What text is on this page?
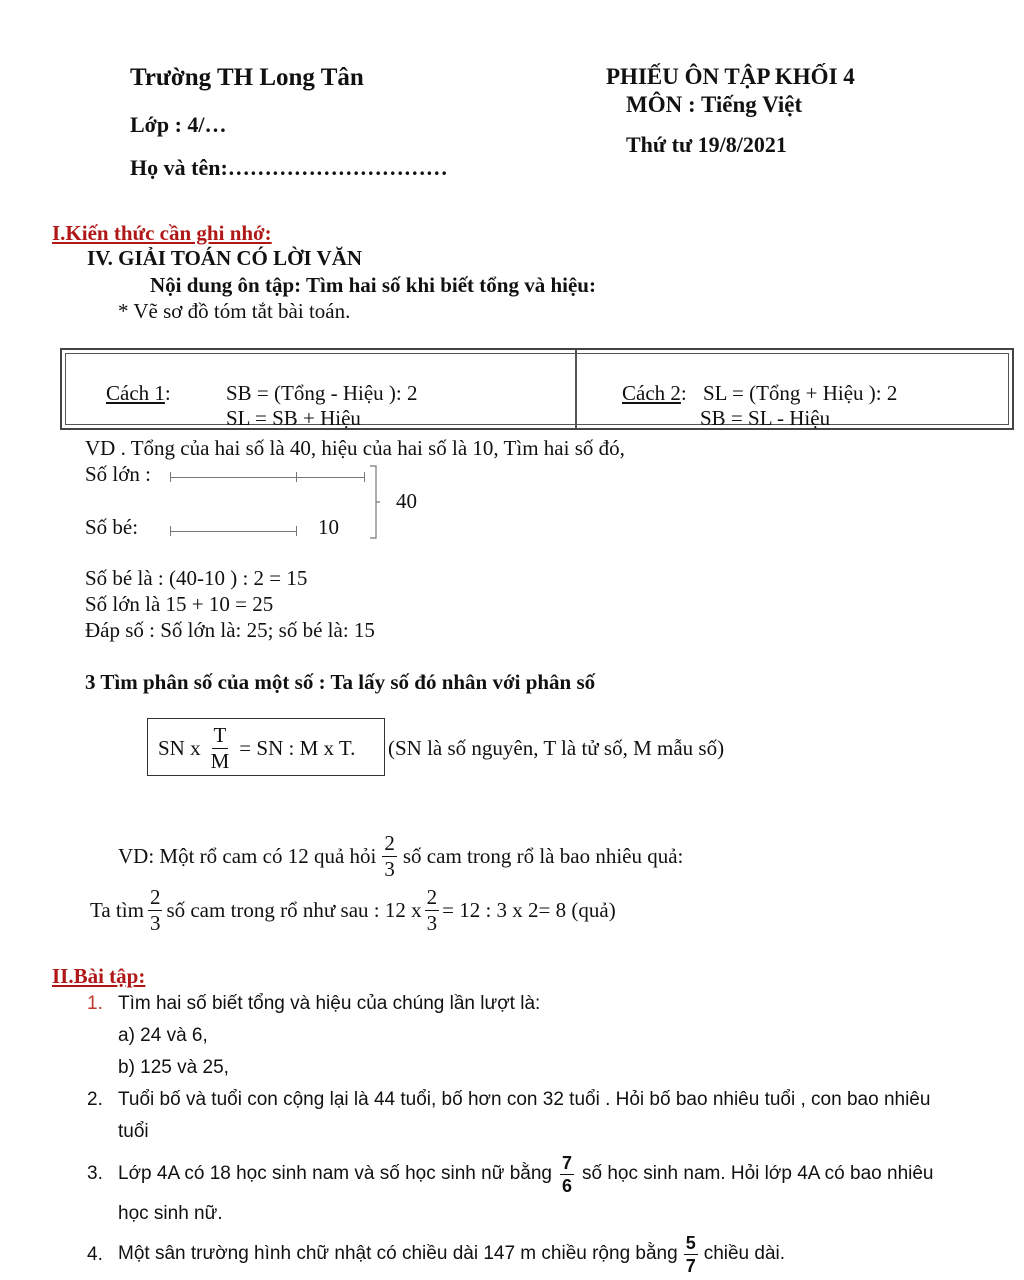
Trường TH Long Tân
Lớp : 4/…
Họ và tên:…………………………
PHIẾU ÔN TẬP KHỐI 4
MÔN : Tiếng Việt
Thứ tư 19/8/2021
I.Kiến thức cần ghi nhớ:
IV. GIẢI TOÁN CÓ LỜI VĂN
Nội dung ôn tập: Tìm hai số khi biết tổng và hiệu:
* Vẽ sơ đồ tóm tắt bài toán.
Cách 1:	SB = (Tổng - Hiệu ): 2
SL = SB + Hiệu
Cách 2: SL = (Tổng + Hiệu ): 2
SB = SL - Hiệu
VD . Tổng của hai số là 40, hiệu của hai số là 10, Tìm hai số đó,
Số lớn :
Số bé:	10
40
Số bé là : (40-10 ) : 2 = 15
Số lớn là 15 + 10 = 25
Đáp số : Số lớn là: 25; số bé là: 15
3 Tìm phân số của một số : Ta lấy số đó nhân với phân số
SN x $\frac{T}{M}$ = SN : M x T. (SN là số nguyên, T là tử số, M mẫu số)
VD: Một rổ cam có 12 quả hỏi $\frac{2}{3}$ số cam trong rổ là bao nhiêu quả:
Ta tìm $\frac{2}{3}$ số cam trong rổ như sau : 12 x $\frac{2}{3} = 12$ : 3 x 2= 8 (quả)
II.Bài tập:
1. Tìm hai số biết tổng và hiệu của chúng lần lượt là:
a) 24 và 6,
b) 125 và 25,
2. Tuổi bố và tuổi con cộng lại là 44 tuổi, bố hơn con 32 tuổi . Hỏi bố bao nhiêu tuổi , con bao nhiêu
tuổi
3. Lớp 4A có 18 học sinh nam và số học sinh nữ bằng $\frac{7}{6}$ số học sinh nam. Hỏi lớp 4A có bao nhiêu
học sinh nữ.
4. Một sân trường hình chữ nhật có chiều dài 147 m chiều rộng bằng $\frac{5}{7}$ chiều dài.
